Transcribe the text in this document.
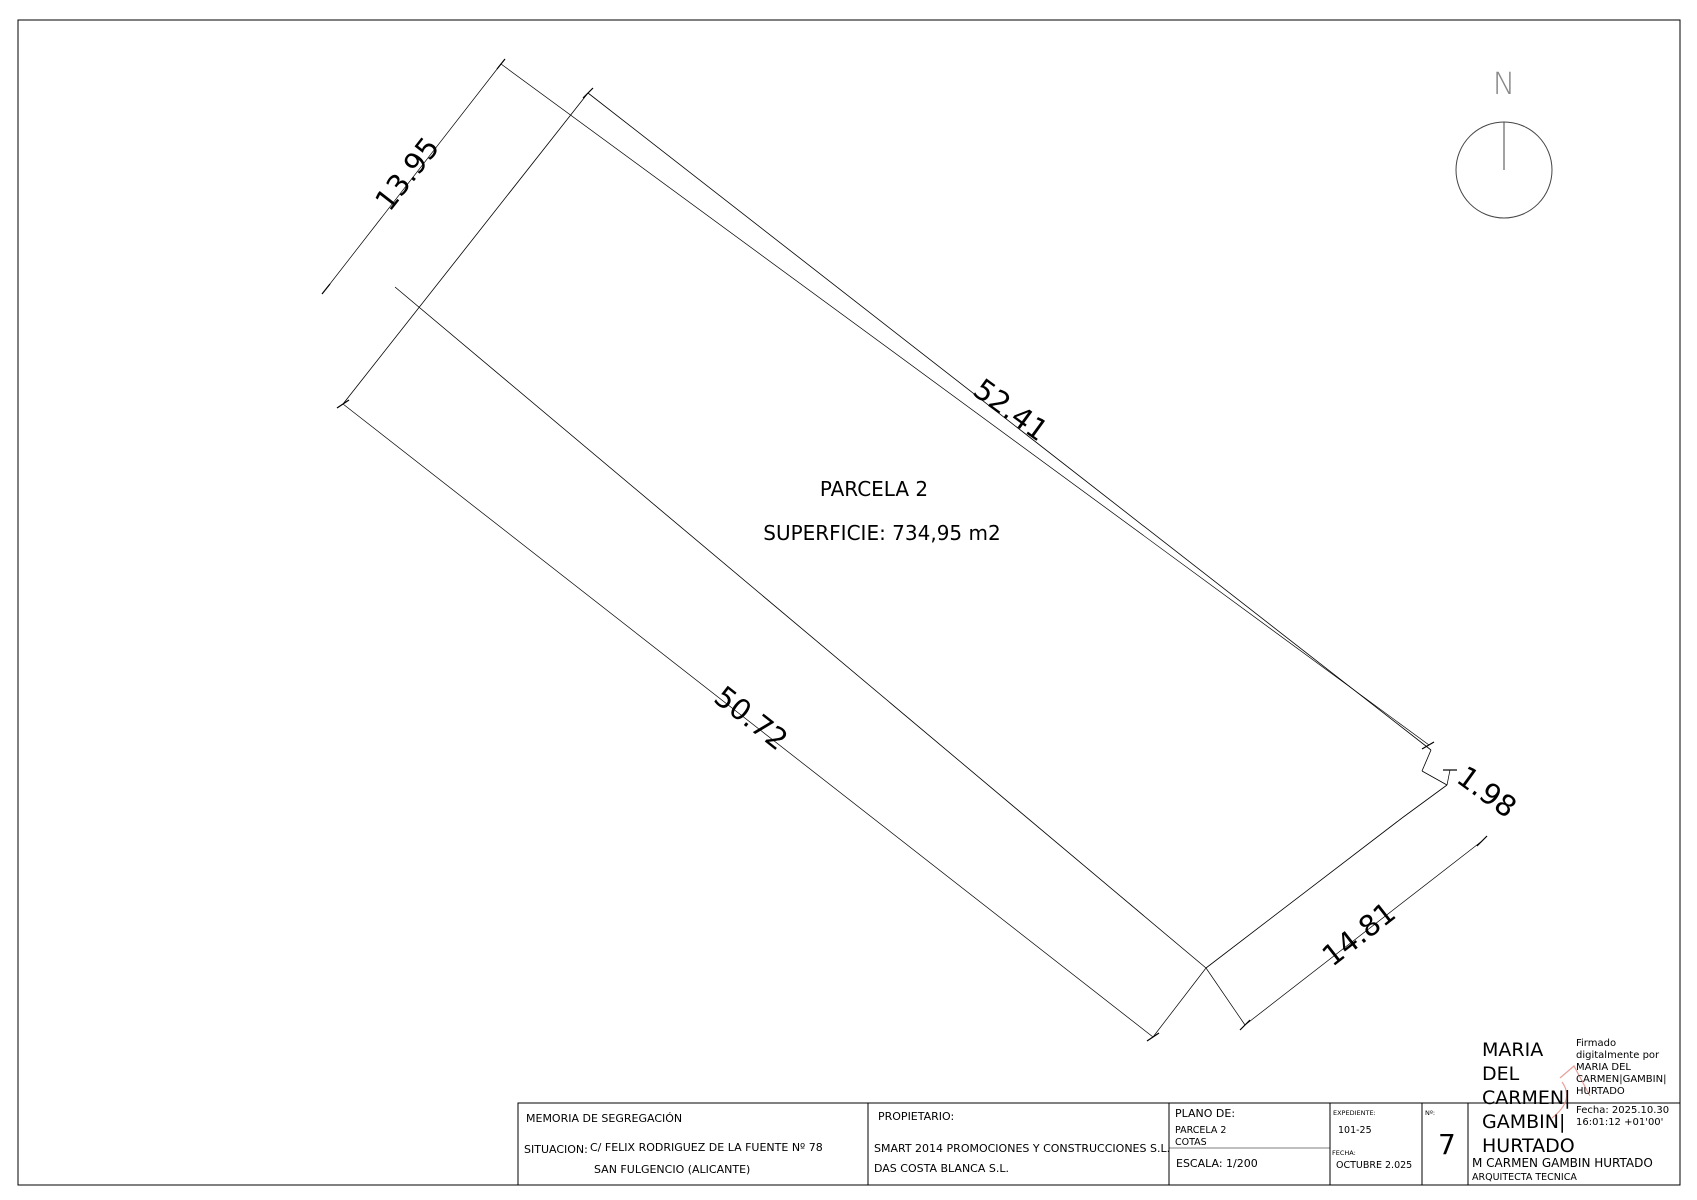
13.95
52.41
50.72
1.98
14.81
PARCELA 2
SUPERFICIE: 734,95 m2
N
MEMORIA DE SEGREGACIÓN
SITUACION: C/ FELIX RODRIGUEZ DE LA FUENTE Nº 78
SAN FULGENCIO (ALICANTE)
PROPIETARIO:
SMART 2014 PROMOCIONES Y CONSTRUCCIONES S.L.
DAS COSTA BLANCA S.L.
PLANO DE:
PARCELA 2
COTAS
ESCALA: 1/200
EXPEDIENTE:
101-25
FECHA:
OCTUBRE 2.025
Nº:
7
M CARMEN GAMBIN HURTADO
ARQUITECTA TECNICA
MARIA DEL CARMEN| GAMBIN| HURTADO
Firmado digitalmente por MARIA DEL CARMEN|GAMBIN| HURTADO
Fecha: 2025.10.30 16:01:12 +01'00'
